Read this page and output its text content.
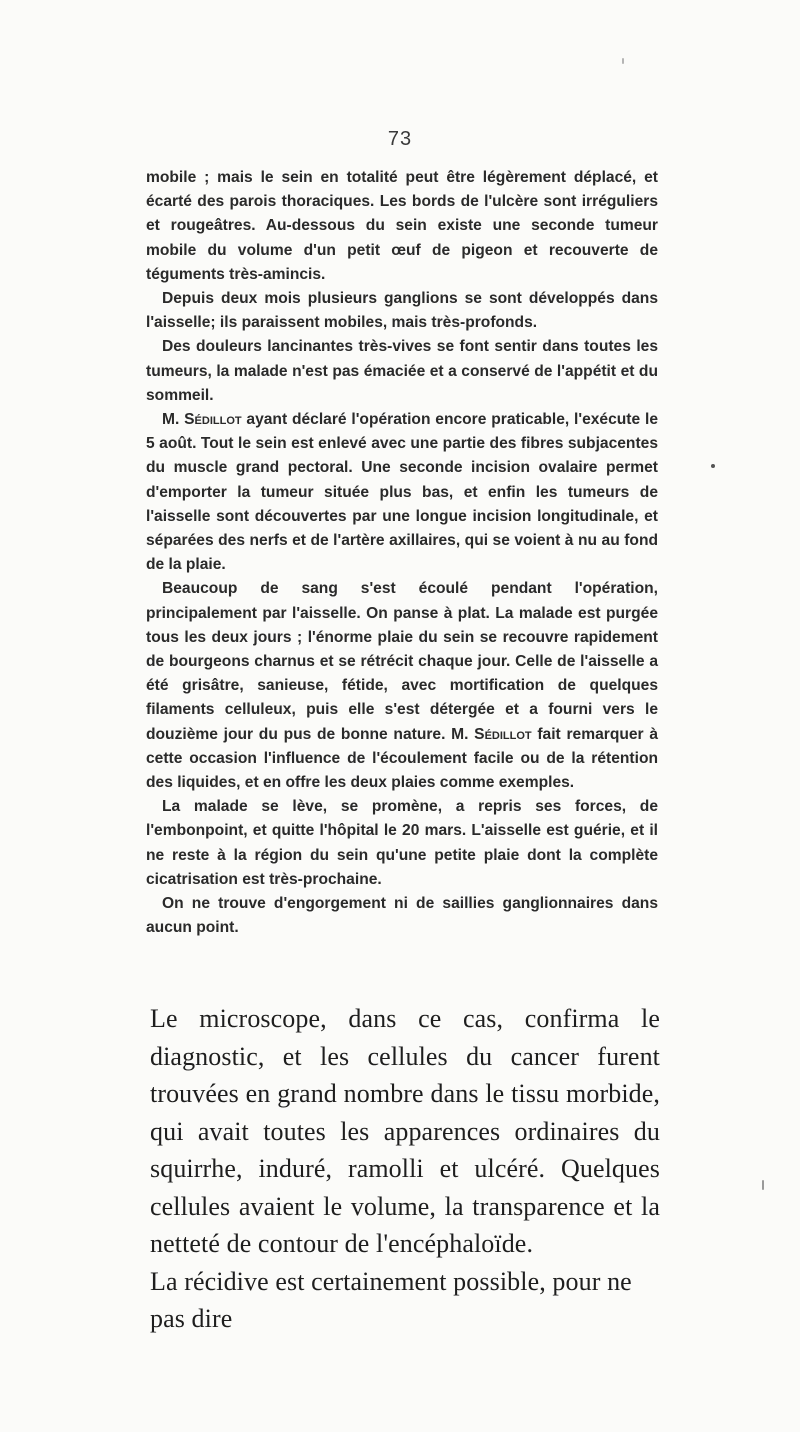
73

mobile ; mais le sein en totalité peut être légèrement déplacé, et écarté des parois thoraciques. Les bords de l'ulcère sont irréguliers et rougeâtres. Au-dessous du sein existe une seconde tumeur mobile du volume d'un petit œuf de pigeon et recouverte de téguments très-amincis.

Depuis deux mois plusieurs ganglions se sont développés dans l'aisselle; ils paraissent mobiles, mais très-profonds.

Des douleurs lancinantes très-vives se font sentir dans toutes les tumeurs, la malade n'est pas émaciée et a conservé de l'appétit et du sommeil.

M. Sédillot ayant déclaré l'opération encore praticable, l'exécute le 5 août. Tout le sein est enlevé avec une partie des fibres subjacentes du muscle grand pectoral. Une seconde incision ovalaire permet d'emporter la tumeur située plus bas, et enfin les tumeurs de l'aisselle sont découvertes par une longue incision longitudinale, et séparées des nerfs et de l'artère axillaires, qui se voient à nu au fond de la plaie.

Beaucoup de sang s'est écoulé pendant l'opération, principalement par l'aisselle. On panse à plat. La malade est purgée tous les deux jours ; l'énorme plaie du sein se recouvre rapidement de bourgeons charnus et se rétrécit chaque jour. Celle de l'aisselle a été grisâtre, sanieuse, fétide, avec mortification de quelques filaments celluleux, puis elle s'est détergée et a fourni vers le douzième jour du pus de bonne nature. M. Sédillot fait remarquer à cette occasion l'influence de l'écoulement facile ou de la rétention des liquides, et en offre les deux plaies comme exemples.

La malade se lève, se promène, a repris ses forces, de l'embonpoint, et quitte l'hôpital le 20 mars. L'aisselle est guérie, et il ne reste à la région du sein qu'une petite plaie dont la complète cicatrisation est très-prochaine.

On ne trouve d'engorgement ni de saillies ganglionnaires dans aucun point.

Le microscope, dans ce cas, confirma le diagnostic, et les cellules du cancer furent trouvées en grand nombre dans le tissu morbide, qui avait toutes les apparences ordinaires du squirrhe, induré, ramolli et ulcéré. Quelques cellules avaient le volume, la transparence et la netteté de contour de l'encéphaloïde.

La récidive est certainement possible, pour ne pas dire
